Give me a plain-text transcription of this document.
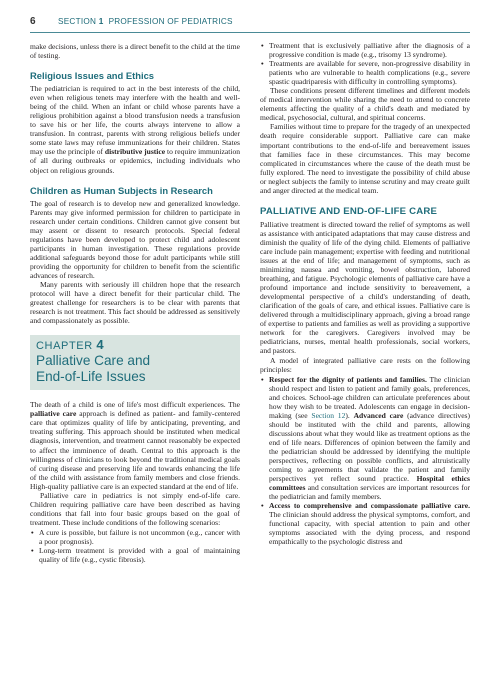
6	SECTION 1 PROFESSION OF PEDIATRICS

make decisions, unless there is a direct benefit to the child at the time of testing.

Religious Issues and Ethics

The pediatrician is required to act in the best interests of the child, even when religious tenets may interfere with the health and well-being of the child. When an infant or child whose parents have a religious prohibition against a blood transfusion needs a transfusion to save his or her life, the courts always intervene to allow a transfusion. In contrast, parents with strong religious beliefs under some state laws may refuse immunizations for their children. States may use the principle of distributive justice to require immunization of all during outbreaks or epidemics, including individuals who object on religious grounds.

Children as Human Subjects in Research

The goal of research is to develop new and generalized knowledge. Parents may give informed permission for children to participate in research under certain conditions. Children cannot give consent but may assent or dissent to research protocols. Special federal regulations have been developed to protect child and adolescent participants in human investigation. These regulations provide additional safeguards beyond those for adult participants while still providing the opportunity for children to benefit from the scientific advances of research.

Many parents with seriously ill children hope that the research protocol will have a direct benefit for their particular child. The greatest challenge for researchers is to be clear with parents that research is not treatment. This fact should be addressed as sensitively and compassionately as possible.

CHAPTER 4
Palliative Care and
End-of-Life Issues

The death of a child is one of life's most difficult experiences. The palliative care approach is defined as patient- and family-centered care that optimizes quality of life by anticipating, preventing, and treating suffering. This approach should be instituted when medical diagnosis, intervention, and treatment cannot reasonably be expected to affect the imminence of death. Central to this approach is the willingness of clinicians to look beyond the traditional medical goals of curing disease and preserving life and towards enhancing the life of the child with assistance from family members and close friends. High-quality palliative care is an expected standard at the end of life.

Palliative care in pediatrics is not simply end-of-life care. Children requiring palliative care have been described as having conditions that fall into four basic groups based on the goal of treatment. These include conditions of the following scenarios:

• A cure is possible, but failure is not uncommon (e.g., cancer with a poor prognosis).
• Long-term treatment is provided with a goal of maintaining quality of life (e.g., cystic fibrosis).
• Treatment that is exclusively palliative after the diagnosis of a progressive condition is made (e.g., trisomy 13 syndrome).
• Treatments are available for severe, non-progressive disability in patients who are vulnerable to health complications (e.g., severe spastic quadriparesis with difficulty in controlling symptoms).

These conditions present different timelines and different models of medical intervention while sharing the need to attend to concrete elements affecting the quality of a child's death and mediated by medical, psychosocial, cultural, and spiritual concerns.

Families without time to prepare for the tragedy of an unexpected death require considerable support. Palliative care can make important contributions to the end-of-life and bereavement issues that families face in these circumstances. This may become complicated in circumstances where the cause of the death must be fully explored. The need to investigate the possibility of child abuse or neglect subjects the family to intense scrutiny and may create guilt and anger directed at the medical team.

PALLIATIVE AND END-OF-LIFE CARE

Palliative treatment is directed toward the relief of symptoms as well as assistance with anticipated adaptations that may cause distress and diminish the quality of life of the dying child. Elements of palliative care include pain management; expertise with feeding and nutritional issues at the end of life; and management of symptoms, such as minimizing nausea and vomiting, bowel obstruction, labored breathing, and fatigue. Psychologic elements of palliative care have a profound importance and include sensitivity to bereavement, a developmental perspective of a child's understanding of death, clarification of the goals of care, and ethical issues. Palliative care is delivered through a multidisciplinary approach, giving a broad range of expertise to patients and families as well as providing a supportive network for the caregivers. Caregivers involved may be pediatricians, nurses, mental health professionals, social workers, and pastors.

A model of integrated palliative care rests on the following principles:

• Respect for the dignity of patients and families. The clinician should respect and listen to patient and family goals, preferences, and choices. School-age children can articulate preferences about how they wish to be treated. Adolescents can engage in decision-making (see Section 12). Advanced care (advance directives) should be instituted with the child and parents, allowing discussions about what they would like as treatment options as the end of life nears. Differences of opinion between the family and the pediatrician should be addressed by identifying the multiple perspectives, reflecting on possible conflicts, and altruistically coming to agreements that validate the patient and family perspectives yet reflect sound practice. Hospital ethics committees and consultation services are important resources for the pediatrician and family members.
• Access to comprehensive and compassionate palliative care. The clinician should address the physical symptoms, comfort, and functional capacity, with special attention to pain and other symptoms associated with the dying process, and respond empathically to the psychologic distress and
